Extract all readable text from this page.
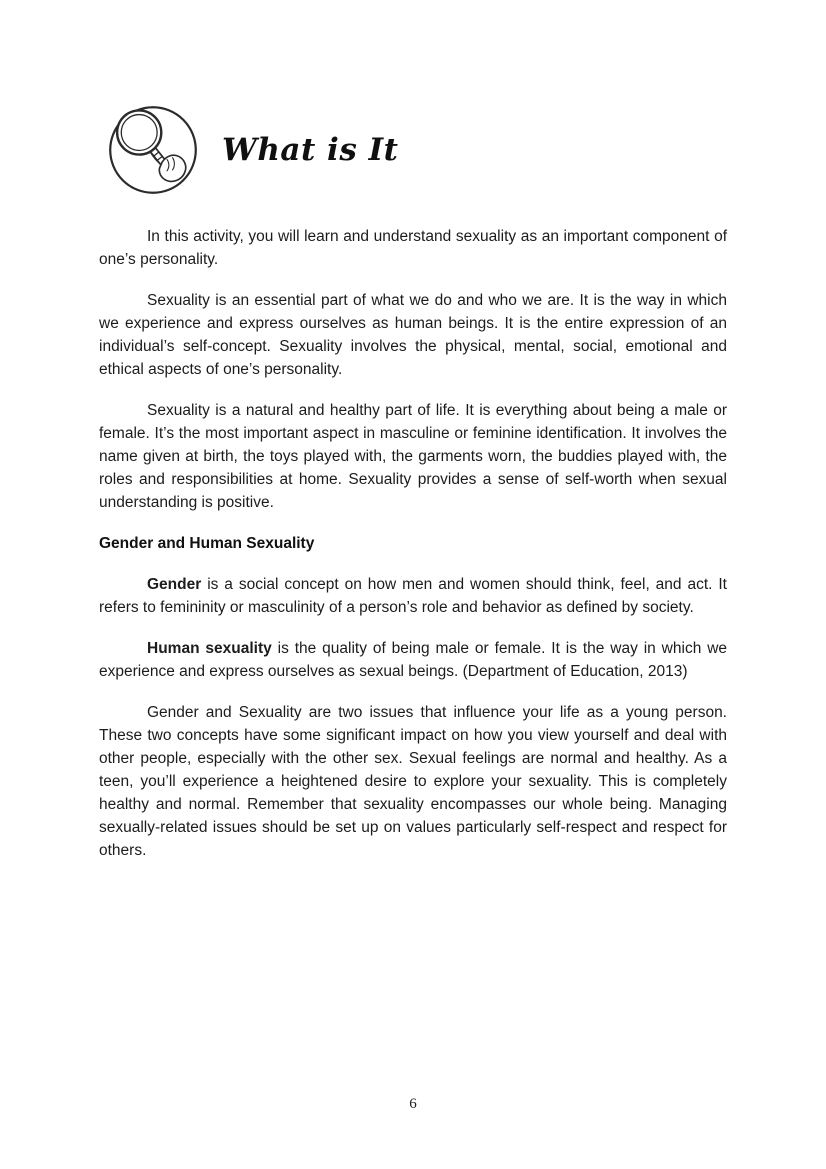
What is It

In this activity, you will learn and understand sexuality as an important component of one’s personality.

Sexuality is an essential part of what we do and who we are. It is the way in which we experience and express ourselves as human beings. It is the entire expression of an individual’s self-concept. Sexuality involves the physical, mental, social, emotional and ethical aspects of one’s personality.

Sexuality is a natural and healthy part of life. It is everything about being a male or female. It’s the most important aspect in masculine or feminine identification. It involves the name given at birth, the toys played with, the garments worn, the buddies played with, the roles and responsibilities at home. Sexuality provides a sense of self-worth when sexual understanding is positive.

Gender and Human Sexuality

Gender is a social concept on how men and women should think, feel, and act. It refers to femininity or masculinity of a person’s role and behavior as defined by society.

Human sexuality is the quality of being male or female. It is the way in which we experience and express ourselves as sexual beings. (Department of Education, 2013)

Gender and Sexuality are two issues that influence your life as a young person. These two concepts have some significant impact on how you view yourself and deal with other people, especially with the other sex. Sexual feelings are normal and healthy. As a teen, you’ll experience a heightened desire to explore your sexuality. This is completely healthy and normal. Remember that sexuality encompasses our whole being. Managing sexually-related issues should be set up on values particularly self-respect and respect for others.

6
